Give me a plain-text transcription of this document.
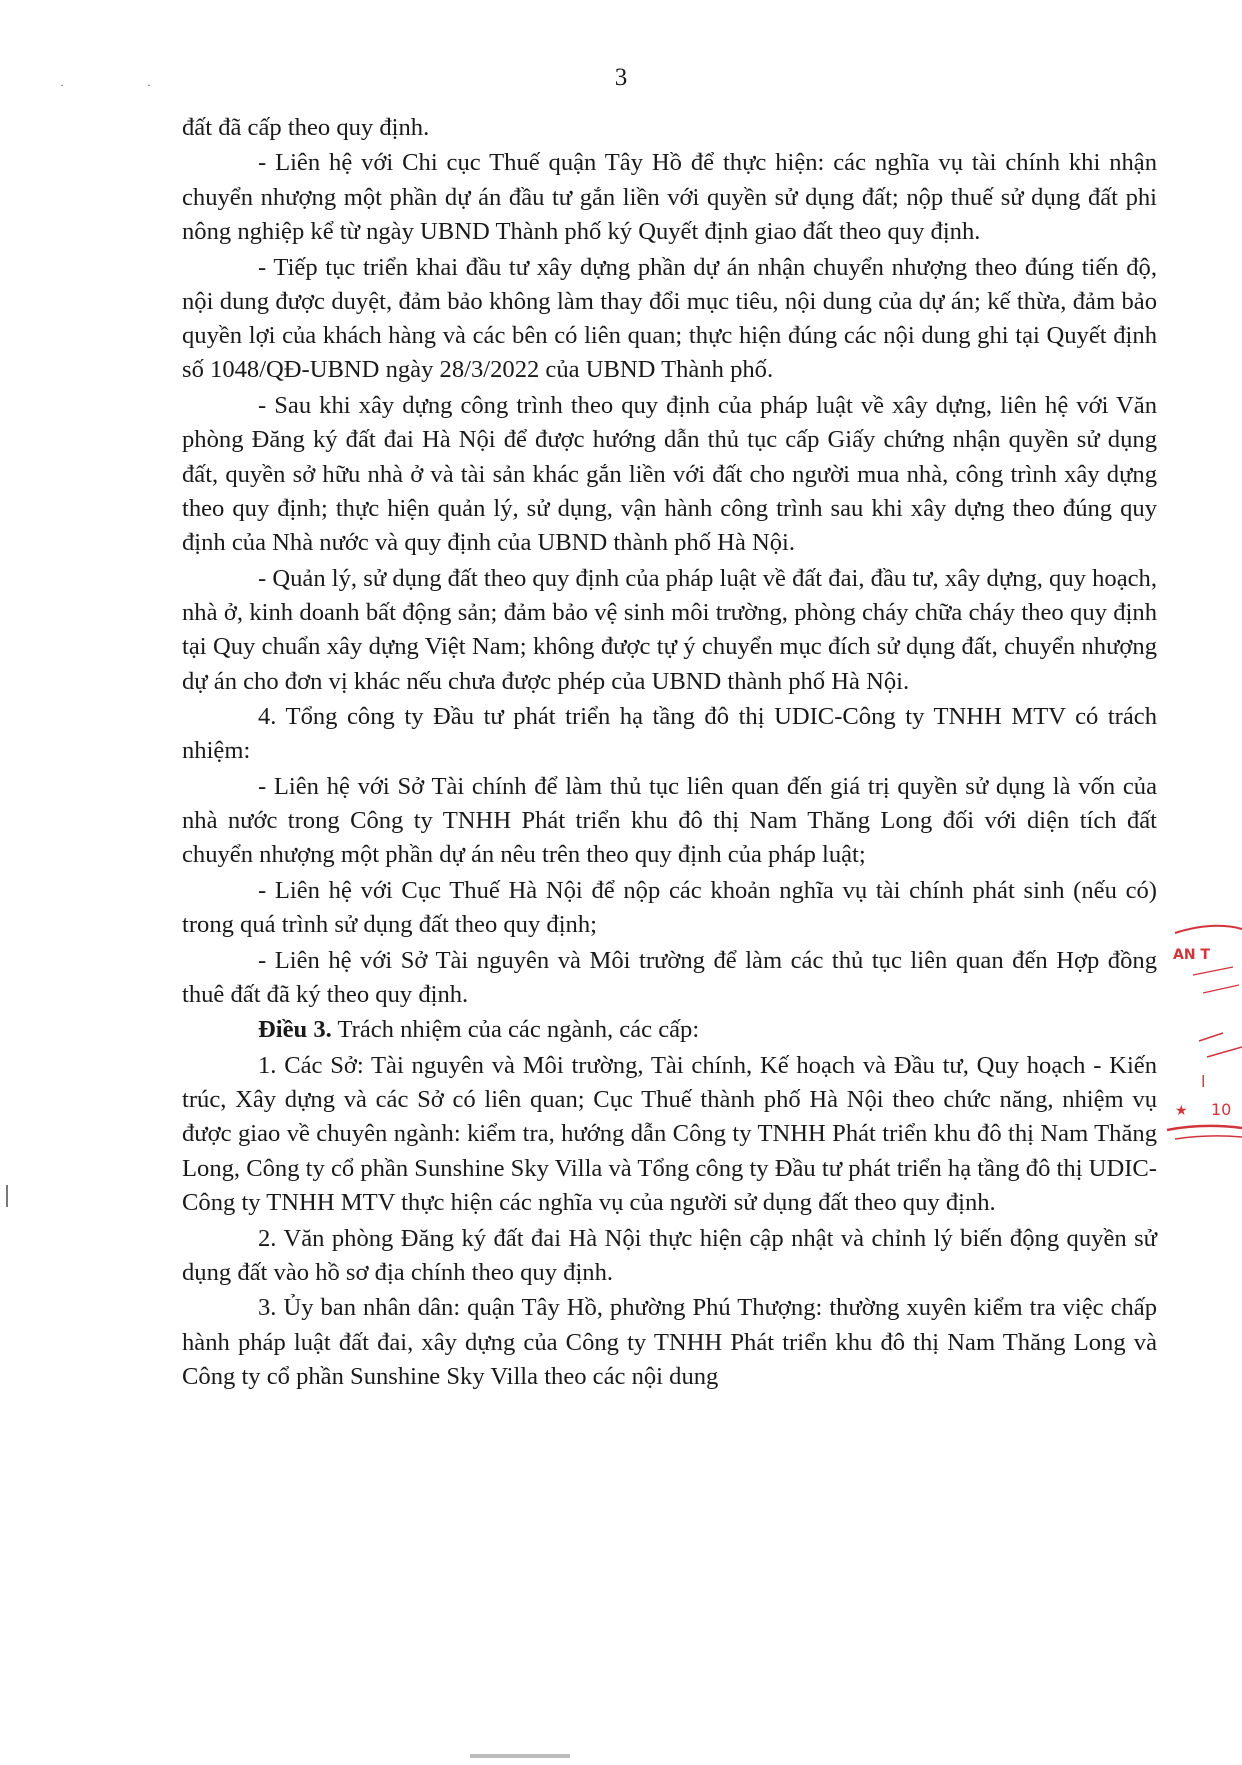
· ·	3

đất đã cấp theo quy định.

- Liên hệ với Chi cục Thuế quận Tây Hồ để thực hiện: các nghĩa vụ tài chính khi nhận chuyển nhượng một phần dự án đầu tư gắn liền với quyền sử dụng đất; nộp thuế sử dụng đất phi nông nghiệp kể từ ngày UBND Thành phố ký Quyết định giao đất theo quy định.

- Tiếp tục triển khai đầu tư xây dựng phần dự án nhận chuyển nhượng theo đúng tiến độ, nội dung được duyệt, đảm bảo không làm thay đổi mục tiêu, nội dung của dự án; kế thừa, đảm bảo quyền lợi của khách hàng và các bên có liên quan; thực hiện đúng các nội dung ghi tại Quyết định số 1048/QĐ-UBND ngày 28/3/2022 của UBND Thành phố.

- Sau khi xây dựng công trình theo quy định của pháp luật về xây dựng, liên hệ với Văn phòng Đăng ký đất đai Hà Nội để được hướng dẫn thủ tục cấp Giấy chứng nhận quyền sử dụng đất, quyền sở hữu nhà ở và tài sản khác gắn liền với đất cho người mua nhà, công trình xây dựng theo quy định; thực hiện quản lý, sử dụng, vận hành công trình sau khi xây dựng theo đúng quy định của Nhà nước và quy định của UBND thành phố Hà Nội.

- Quản lý, sử dụng đất theo quy định của pháp luật về đất đai, đầu tư, xây dựng, quy hoạch, nhà ở, kinh doanh bất động sản; đảm bảo vệ sinh môi trường, phòng cháy chữa cháy theo quy định tại Quy chuẩn xây dựng Việt Nam; không được tự ý chuyển mục đích sử dụng đất, chuyển nhượng dự án cho đơn vị khác nếu chưa được phép của UBND thành phố Hà Nội.

4. Tổng công ty Đầu tư phát triển hạ tầng đô thị UDIC-Công ty TNHH MTV có trách nhiệm:

- Liên hệ với Sở Tài chính để làm thủ tục liên quan đến giá trị quyền sử dụng là vốn của nhà nước trong Công ty TNHH Phát triển khu đô thị Nam Thăng Long đối với diện tích đất chuyển nhượng một phần dự án nêu trên theo quy định của pháp luật;

- Liên hệ với Cục Thuế Hà Nội để nộp các khoản nghĩa vụ tài chính phát sinh (nếu có) trong quá trình sử dụng đất theo quy định;

- Liên hệ với Sở Tài nguyên và Môi trường để làm các thủ tục liên quan đến Hợp đồng thuê đất đã ký theo quy định.

Điều 3. Trách nhiệm của các ngành, các cấp:

1. Các Sở: Tài nguyên và Môi trường, Tài chính, Kế hoạch và Đầu tư, Quy hoạch - Kiến trúc, Xây dựng và các Sở có liên quan; Cục Thuế thành phố Hà Nội theo chức năng, nhiệm vụ được giao về chuyên ngành: kiểm tra, hướng dẫn Công ty TNHH Phát triển khu đô thị Nam Thăng Long, Công ty cổ phần Sunshine Sky Villa và Tổng công ty Đầu tư phát triển hạ tầng đô thị UDIC-Công ty TNHH MTV thực hiện các nghĩa vụ của người sử dụng đất theo quy định.

2. Văn phòng Đăng ký đất đai Hà Nội thực hiện cập nhật và chỉnh lý biến động quyền sử dụng đất vào hồ sơ địa chính theo quy định.

3. Ủy ban nhân dân: quận Tây Hồ, phường Phú Thượng: thường xuyên kiểm tra việc chấp hành pháp luật đất đai, xây dựng của Công ty TNHH Phát triển khu đô thị Nam Thăng Long và Công ty cổ phần Sunshine Sky Villa theo các nội dung

AN T
l
★ 10
